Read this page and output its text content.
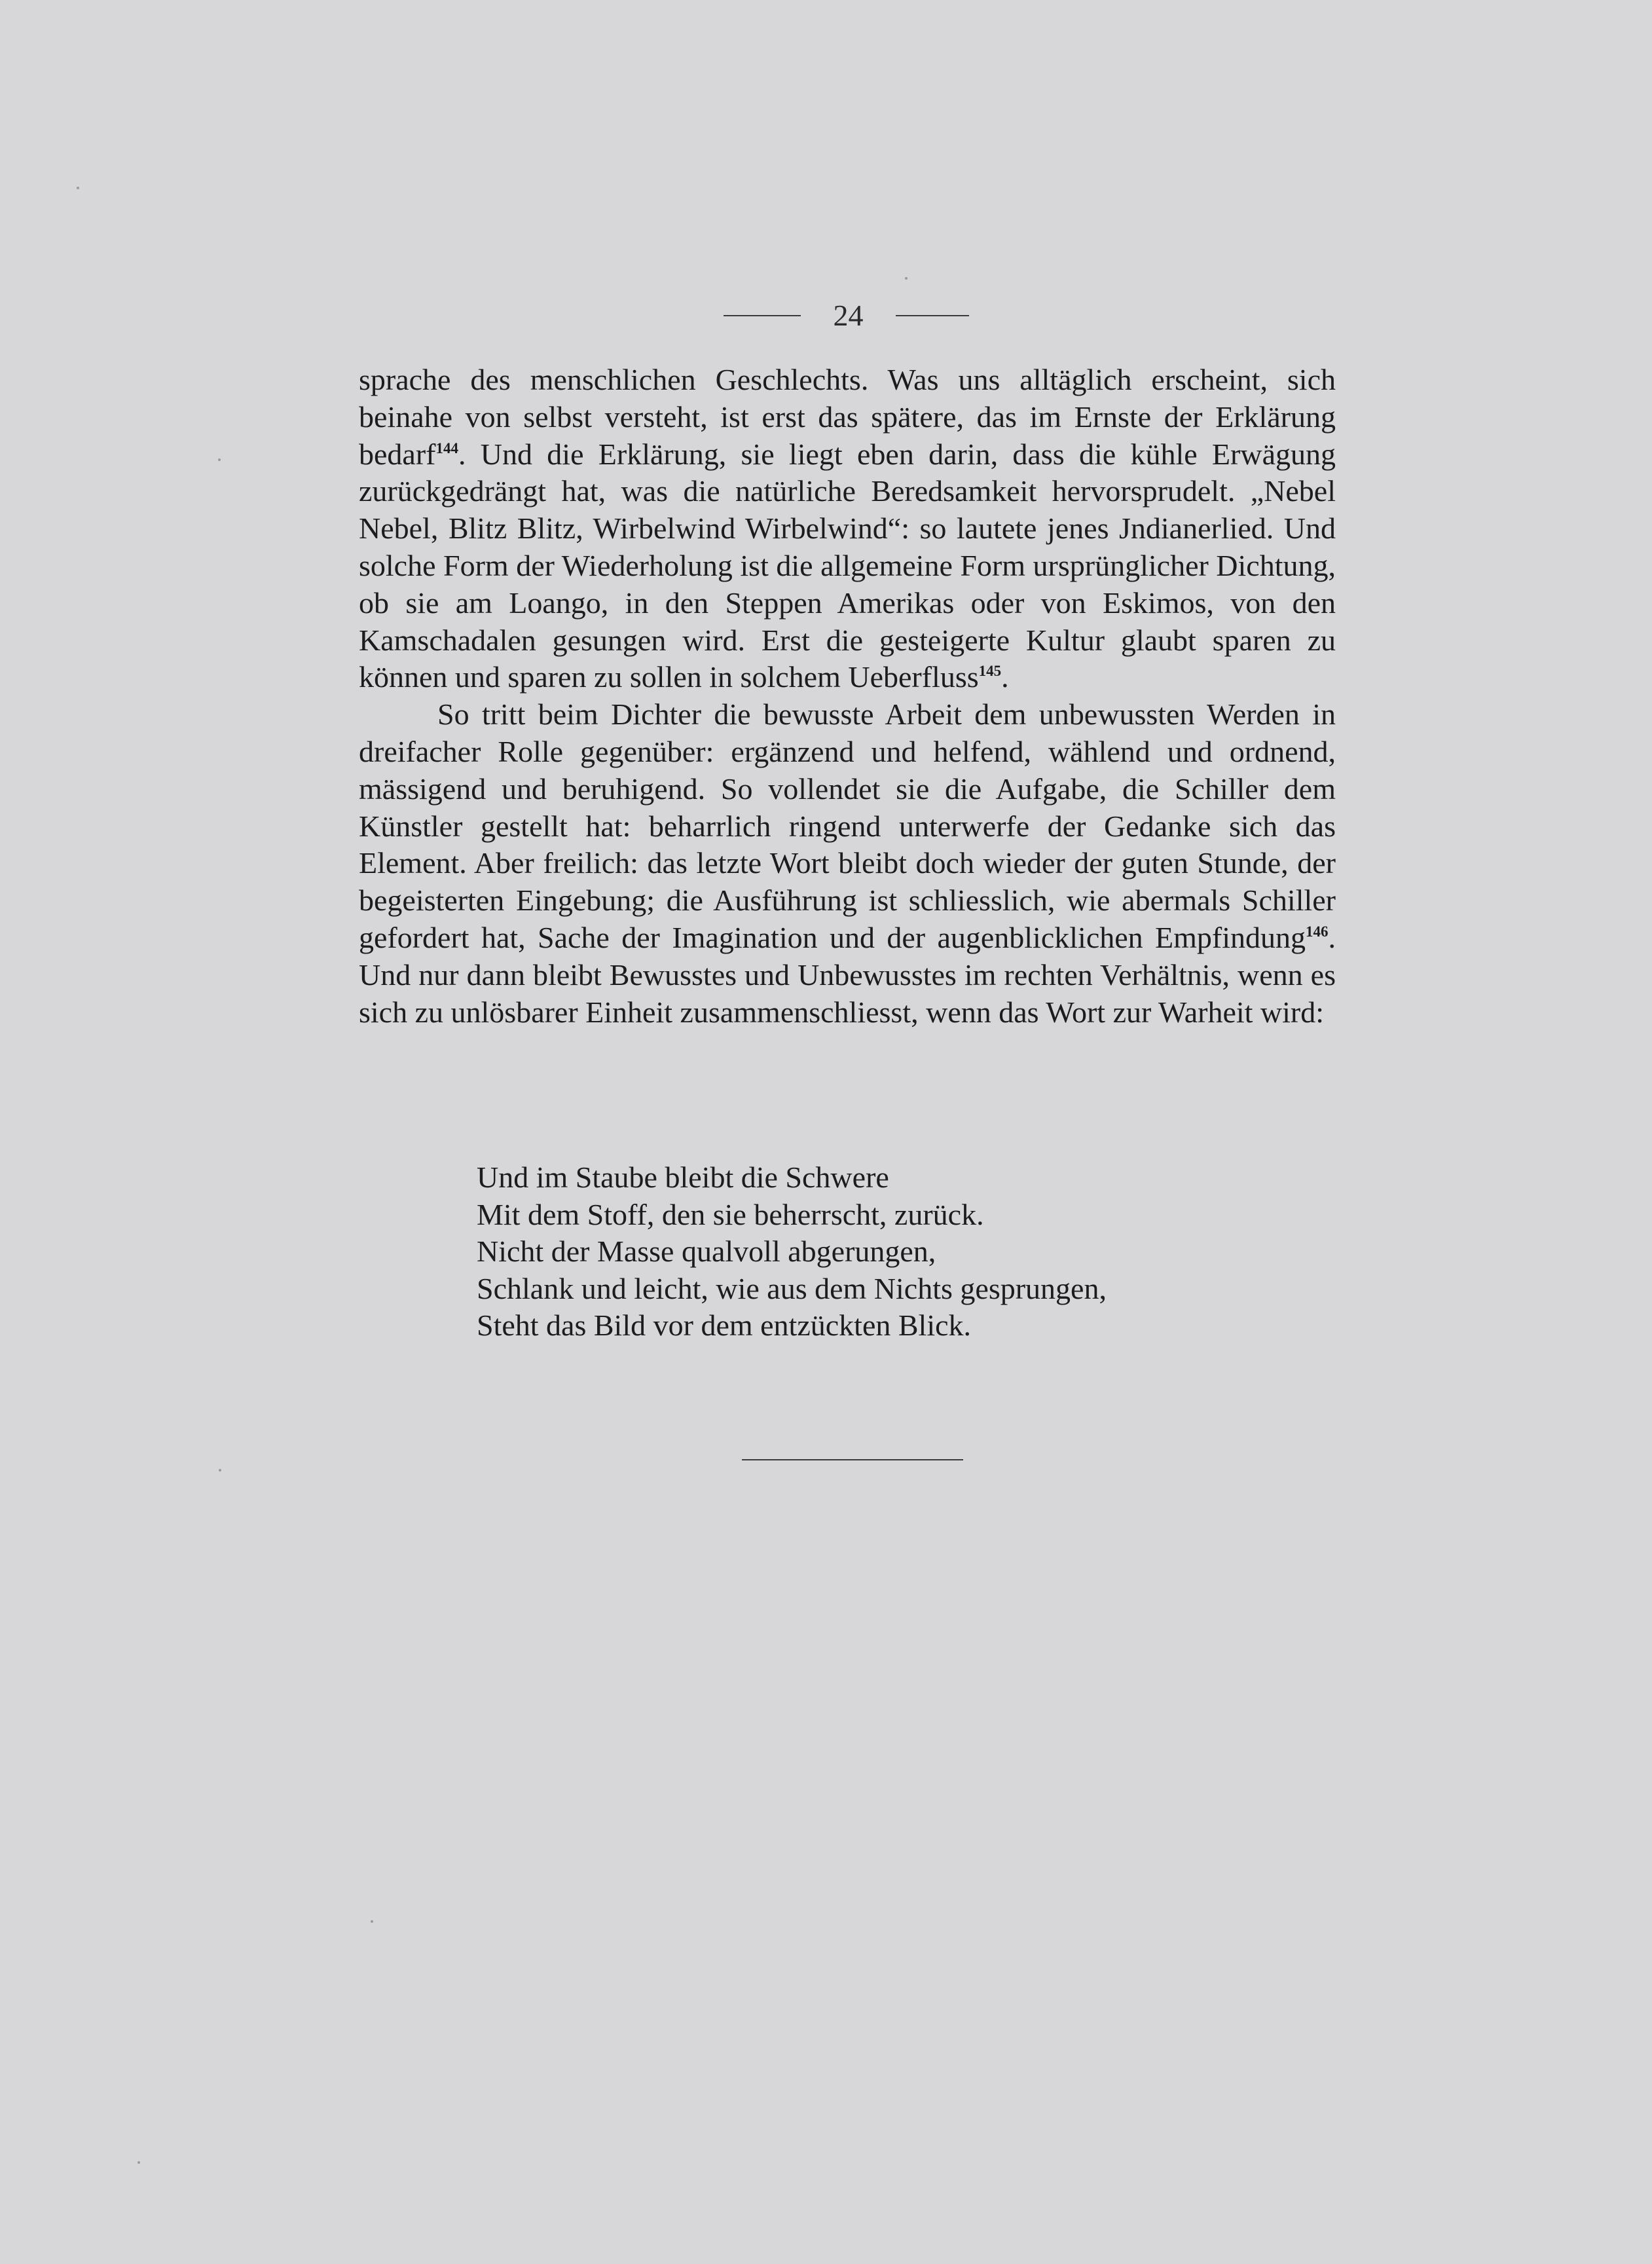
24

sprache des menschlichen Geschlechts. Was uns alltäglich erscheint, sich beinahe von selbst versteht, ist erst das spätere, das im Ernste der Erklärung bedarf$^{144}$. Und die Erklärung, sie liegt eben darin, dass die kühle Erwägung zurückgedrängt hat, was die natürliche Beredsamkeit hervorsprudelt. „Nebel Nebel, Blitz Blitz, Wirbelwind Wirbelwind“: so lautete jenes Jndianerlied. Und solche Form der Wiederholung ist die allgemeine Form ursprünglicher Dichtung, ob sie am Loango, in den Steppen Amerikas oder von Eskimos, von den Kamschadalen gesungen wird. Erst die gesteigerte Kultur glaubt sparen zu können und sparen zu sollen in solchem Ueberfluss$^{145}$.

So tritt beim Dichter die bewusste Arbeit dem unbewussten Werden in dreifacher Rolle gegenüber: ergänzend und helfend, wählend und ordnend, mässigend und beruhigend. So vollendet sie die Aufgabe, die Schiller dem Künstler gestellt hat: beharrlich ringend unterwerfe der Gedanke sich das Element. Aber freilich: das letzte Wort bleibt doch wieder der guten Stunde, der begeisterten Eingebung; die Ausführung ist schliesslich, wie abermals Schiller gefordert hat, Sache der Imagination und der augenblicklichen Empfindung$^{146}$. Und nur dann bleibt Bewusstes und Unbewusstes im rechten Verhältnis, wenn es sich zu unlösbarer Einheit zusammenschliesst, wenn das Wort zur Warheit wird:

Und im Staube bleibt die Schwere
Mit dem Stoff, den sie beherrscht, zurück.
Nicht der Masse qualvoll abgerungen,
Schlank und leicht, wie aus dem Nichts gesprungen,
Steht das Bild vor dem entzückten Blick.
